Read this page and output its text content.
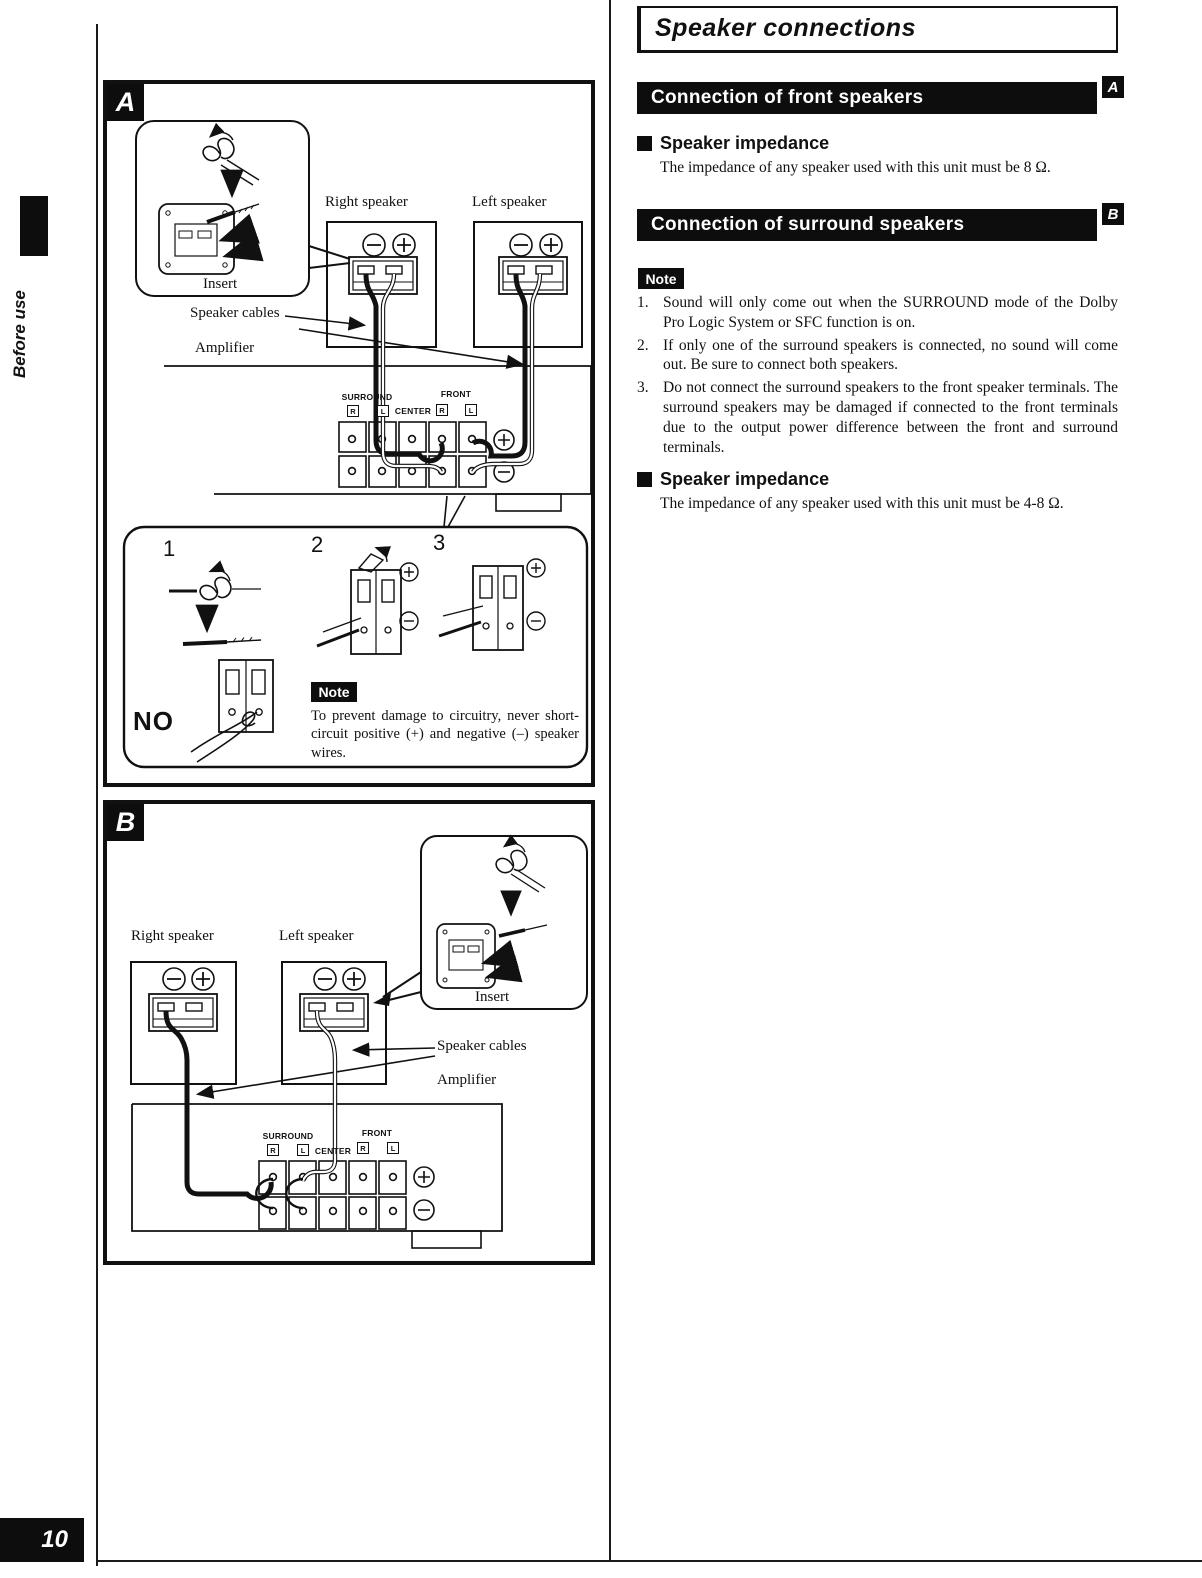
Before use
10
Speaker connections
Connection of front speakers	A
Speaker impedance
The impedance of any speaker used with this unit must be 8 Ω.
Connection of surround speakers	B
Note
1. Sound will only come out when the SURROUND mode of the Dolby Pro Logic System or SFC function is on.
2. If only one of the surround speakers is connected, no sound will come out. Be sure to connect both speakers.
3. Do not connect the surround speakers to the front speaker terminals. The surround speakers may be damaged if connected to the front terminals due to the output power difference between the front and surround terminals.
Speaker impedance
The impedance of any speaker used with this unit must be 4-8 Ω.
A
Insert
Right speaker	Left speaker
Speaker cables
Amplifier
SURROUND
R	L	CENTER
FRONT
R	L
1	2	3
NO
Note
To prevent damage to circuitry, never short-circuit positive (+) and negative (–) speaker wires.
B
Right speaker	Left speaker
Insert
Speaker cables
Amplifier
SURROUND
R	L	CENTER
FRONT
R	L
